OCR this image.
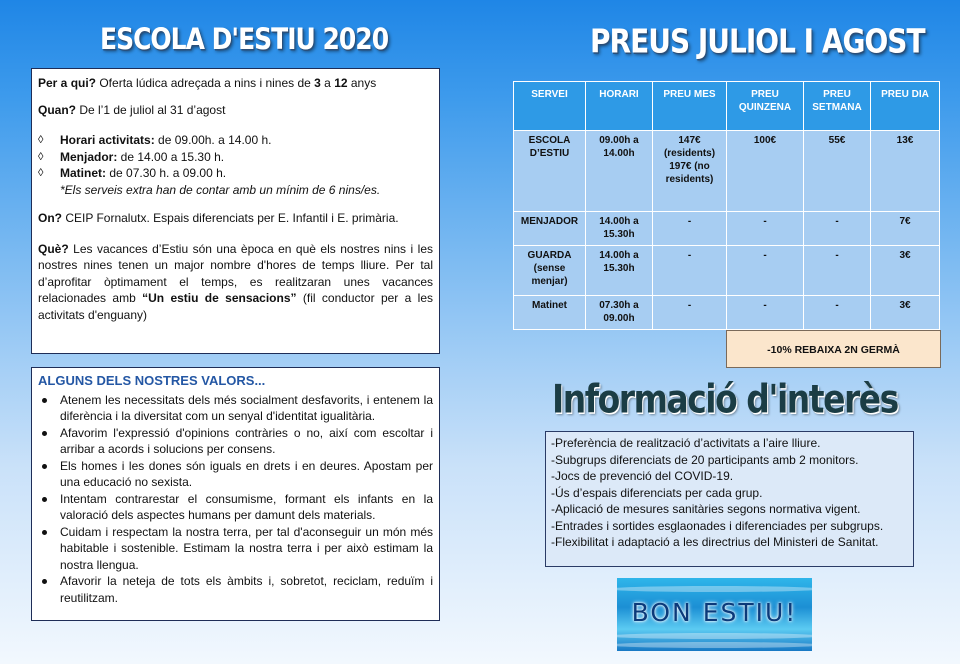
ESCOLA D'ESTIU 2020	PREUS JULIOL I AGOST

Per a qui? Oferta lúdica adreçada a nins i nines de 3 a 12 anys

Quan? De l’1 de juliol al 31 d’agost

◊ Horari activitats: de 09.00h. a 14.00 h.
◊ Menjador: de 14.00 a 15.30 h.
◊ Matinet: de 07.30 h. a 09.00 h.
*Els serveis extra han de contar amb un mínim de 6 nins/es.

On? CEIP Fornalutx. Espais diferenciats per E. Infantil i E. primària.

Què? Les vacances d’Estiu són una època en què els nostres nins i les nostres nines tenen un major nombre d'hores de temps lliure. Per tal d’aprofitar òptimament el temps, es realitzaran unes vacances relacionades amb “Un estiu de sensacions” (fil conductor per a les activitats d'enguany)

ALGUNS DELS NOSTRES VALORS...
Atenem les necessitats dels més socialment desfavorits, i entenem la diferència i la diversitat com un senyal d'identitat igualitària.
Afavorim l'expressió d'opinions contràries o no, així com escoltar i arribar a acords i solucions per consens.
Els homes i les dones són iguals en drets i en deures. Apostam per una educació no sexista.
Intentam contrarestar el consumisme, formant els infants en la valoració dels aspectes humans per damunt dels materials.
Cuidam i respectam la nostra terra, per tal d'aconseguir un món més habitable i sostenible. Estimam la nostra terra i per això estimam la nostra llengua.
Afavorir la neteja de tots els àmbits i, sobretot, reciclam, reduïm i reutilitzam.
SERVEI	HORARI	PREU MES	PREU QUINZENA	PREU SETMANA	PREU DIA
ESCOLA D’ESTIU	09.00h a 14.00h	147€ (residents) 197€ (no residents)	100€	55€	13€
MENJADOR	14.00h a 15.30h	-	-	-	7€
GUARDA (sense menjar)	14.00h a 15.30h	-	-	-	3€
Matinet	07.30h a 09.00h	-	-	-	3€
-10% REBAIXA 2N GERMÀ
Informació d'interès
-Preferència de realització d’activitats a l’aire lliure.
-Subgrups diferenciats de 20 participants amb 2 monitors.
-Jocs de prevenció del COVID-19.
-Ús d’espais diferenciats per cada grup.
-Aplicació de mesures sanitàries segons normativa vigent.
-Entrades i sortides esglaonades i diferenciades per subgrups.
-Flexibilitat i adaptació a les directrius del Ministeri de Sanitat.
BON ESTIU!
